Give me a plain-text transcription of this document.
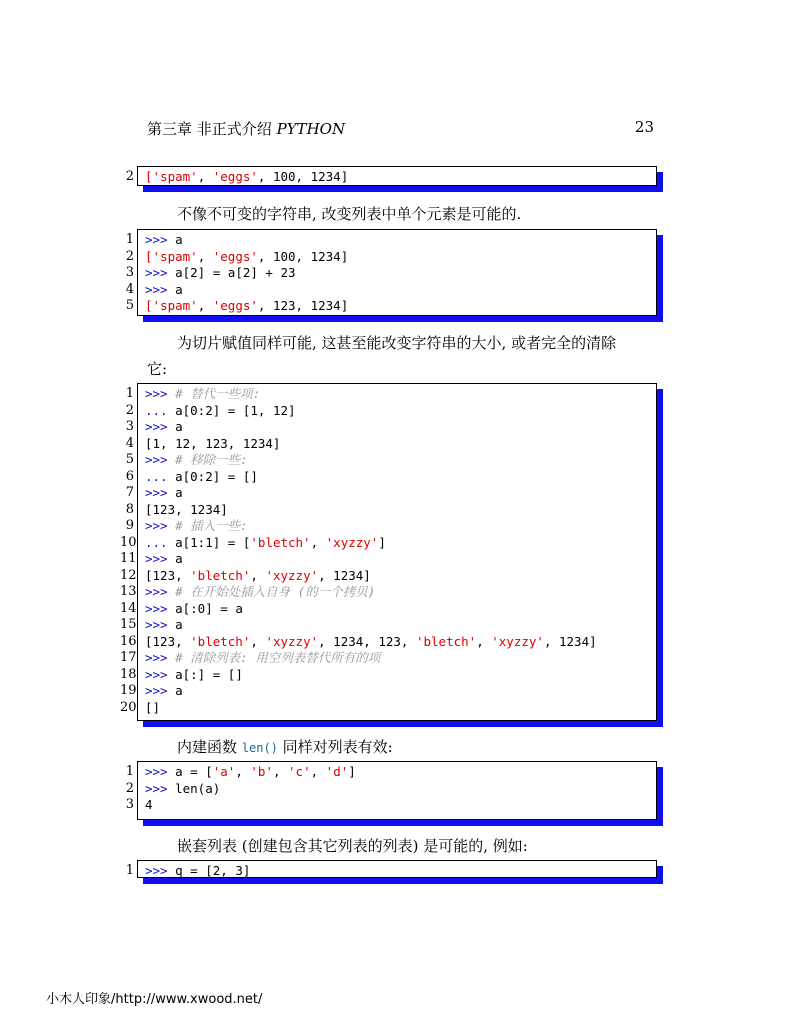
第三章 非正式介绍 PYTHON	23
2 ['spam', 'eggs', 100, 1234]
不像不可变的字符串, 改变列表中单个元素是可能的.
1
2
3
4
5
>>> a
['spam', 'eggs', 100, 1234]
>>> a[2] = a[2] + 23
>>> a
['spam', 'eggs', 123, 1234]
为切片赋值同样可能, 这甚至能改变字符串的大小, 或者完全的清除
它:
1
2
3
4
5
6
7
8
9
10
11
12
13
14
15
16
17
18
19
20
>>> # 替代一些项:
... a[0:2] = [1, 12]
>>> a
[1, 12, 123, 1234]
>>> # 移除一些:
... a[0:2] = []
>>> a
[123, 1234]
>>> # 插入一些:
... a[1:1] = ['bletch', 'xyzzy']
>>> a
[123, 'bletch', 'xyzzy', 1234]
>>> # 在开始处插入自身 (的一个拷贝)
>>> a[:0] = a
>>> a
[123, 'bletch', 'xyzzy', 1234, 123, 'bletch', 'xyzzy', 1234]
>>> # 清除列表: 用空列表替代所有的项
>>> a[:] = []
>>> a
[]
内建函数 len() 同样对列表有效:
1
2
3
>>> a = ['a', 'b', 'c', 'd']
>>> len(a)
4
嵌套列表 (创建包含其它列表的列表) 是可能的, 例如:
1 >>> q = [2, 3]
小木人印象/http://www.xwood.net/
